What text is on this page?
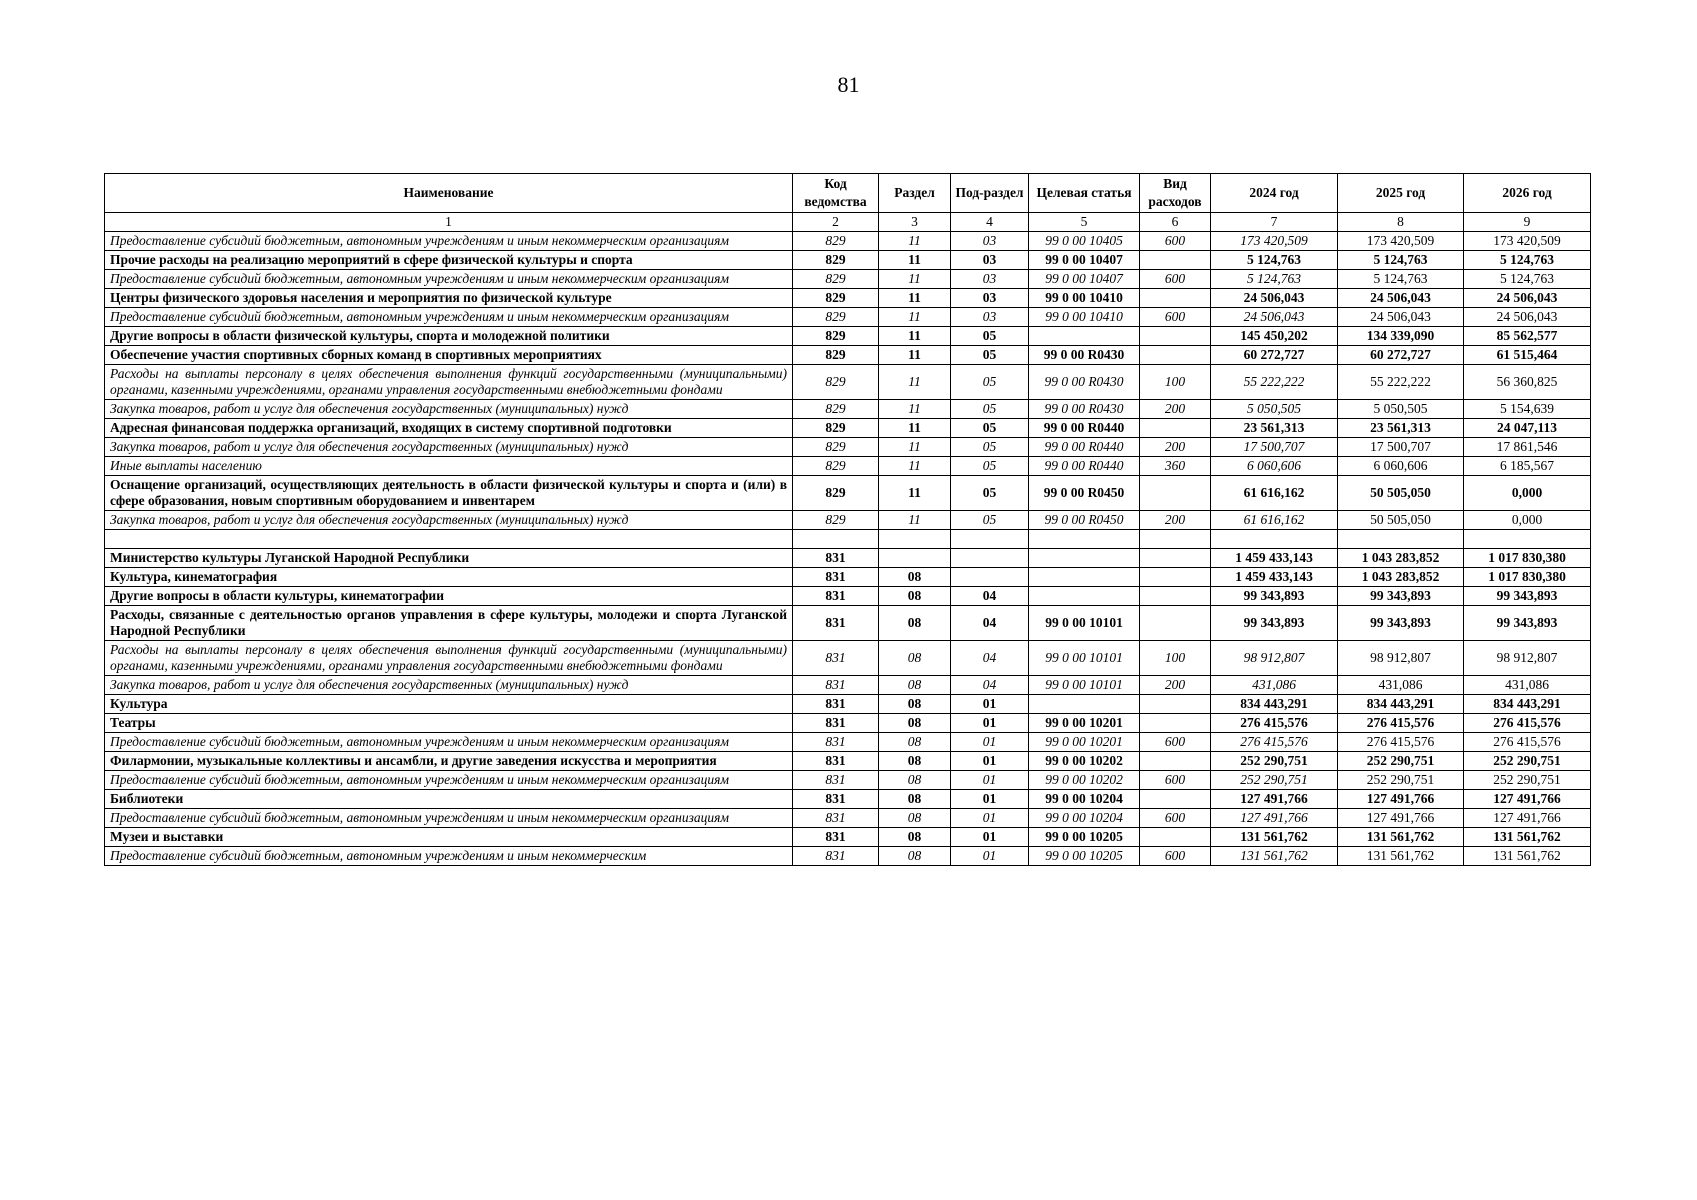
81
Наименование	Код ведомства	Раздел	Под-раздел	Целевая статья	Вид расходов	2024 год	2025 год	2026 год
1	2	3	4	5	6	7	8	9
Предоставление субсидий бюджетным, автономным учреждениям и иным некоммерческим организациям	829	11	03	99 0 00 10405	600	173 420,509	173 420,509	173 420,509
Прочие расходы на реализацию мероприятий в сфере физической культуры и спорта	829	11	03	99 0 00 10407		5 124,763	5 124,763	5 124,763
Предоставление субсидий бюджетным, автономным учреждениям и иным некоммерческим организациям	829	11	03	99 0 00 10407	600	5 124,763	5 124,763	5 124,763
Центры физического здоровья населения и мероприятия по физической культуре	829	11	03	99 0 00 10410		24 506,043	24 506,043	24 506,043
Предоставление субсидий бюджетным, автономным учреждениям и иным некоммерческим организациям	829	11	03	99 0 00 10410	600	24 506,043	24 506,043	24 506,043
Другие вопросы в области физической культуры, спорта и молодежной политики	829	11	05			145 450,202	134 339,090	85 562,577
Обеспечение участия спортивных сборных команд в спортивных мероприятиях	829	11	05	99 0 00 R0430		60 272,727	60 272,727	61 515,464
Расходы на выплаты персоналу в целях обеспечения выполнения функций государственными (муниципальными) органами, казенными учреждениями, органами управления государственными внебюджетными фондами	829	11	05	99 0 00 R0430	100	55 222,222	55 222,222	56 360,825
Закупка товаров, работ и услуг для обеспечения государственных (муниципальных) нужд	829	11	05	99 0 00 R0430	200	5 050,505	5 050,505	5 154,639
Адресная финансовая поддержка организаций, входящих в систему спортивной подготовки	829	11	05	99 0 00 R0440		23 561,313	23 561,313	24 047,113
Закупка товаров, работ и услуг для обеспечения государственных (муниципальных) нужд	829	11	05	99 0 00 R0440	200	17 500,707	17 500,707	17 861,546
Иные выплаты населению	829	11	05	99 0 00 R0440	360	6 060,606	6 060,606	6 185,567
Оснащение организаций, осуществляющих деятельность в области физической культуры и спорта и (или) в сфере образования, новым спортивным оборудованием и инвентарем	829	11	05	99 0 00 R0450		61 616,162	50 505,050	0,000
Закупка товаров, работ и услуг для обеспечения государственных (муниципальных) нужд	829	11	05	99 0 00 R0450	200	61 616,162	50 505,050	0,000

Министерство культуры Луганской Народной Республики	831					1 459 433,143	1 043 283,852	1 017 830,380
Культура, кинематография	831	08				1 459 433,143	1 043 283,852	1 017 830,380
Другие вопросы в области культуры, кинематографии	831	08	04			99 343,893	99 343,893	99 343,893
Расходы, связанные с деятельностью органов управления в сфере культуры, молодежи и спорта Луганской Народной Республики	831	08	04	99 0 00 10101		99 343,893	99 343,893	99 343,893
Расходы на выплаты персоналу в целях обеспечения выполнения функций государственными (муниципальными) органами, казенными учреждениями, органами управления государственными внебюджетными фондами	831	08	04	99 0 00 10101	100	98 912,807	98 912,807	98 912,807
Закупка товаров, работ и услуг для обеспечения государственных (муниципальных) нужд	831	08	04	99 0 00 10101	200	431,086	431,086	431,086
Культура	831	08	01			834 443,291	834 443,291	834 443,291
Театры	831	08	01	99 0 00 10201		276 415,576	276 415,576	276 415,576
Предоставление субсидий бюджетным, автономным учреждениям и иным некоммерческим организациям	831	08	01	99 0 00 10201	600	276 415,576	276 415,576	276 415,576
Филармонии, музыкальные коллективы и ансамбли, и другие заведения искусства и мероприятия	831	08	01	99 0 00 10202		252 290,751	252 290,751	252 290,751
Предоставление субсидий бюджетным, автономным учреждениям и иным некоммерческим организациям	831	08	01	99 0 00 10202	600	252 290,751	252 290,751	252 290,751
Библиотеки	831	08	01	99 0 00 10204		127 491,766	127 491,766	127 491,766
Предоставление субсидий бюджетным, автономным учреждениям и иным некоммерческим организациям	831	08	01	99 0 00 10204	600	127 491,766	127 491,766	127 491,766
Музеи и выставки	831	08	01	99 0 00 10205		131 561,762	131 561,762	131 561,762
Предоставление субсидий бюджетным, автономным учреждениям и иным некоммерческим	831	08	01	99 0 00 10205	600	131 561,762	131 561,762	131 561,762
